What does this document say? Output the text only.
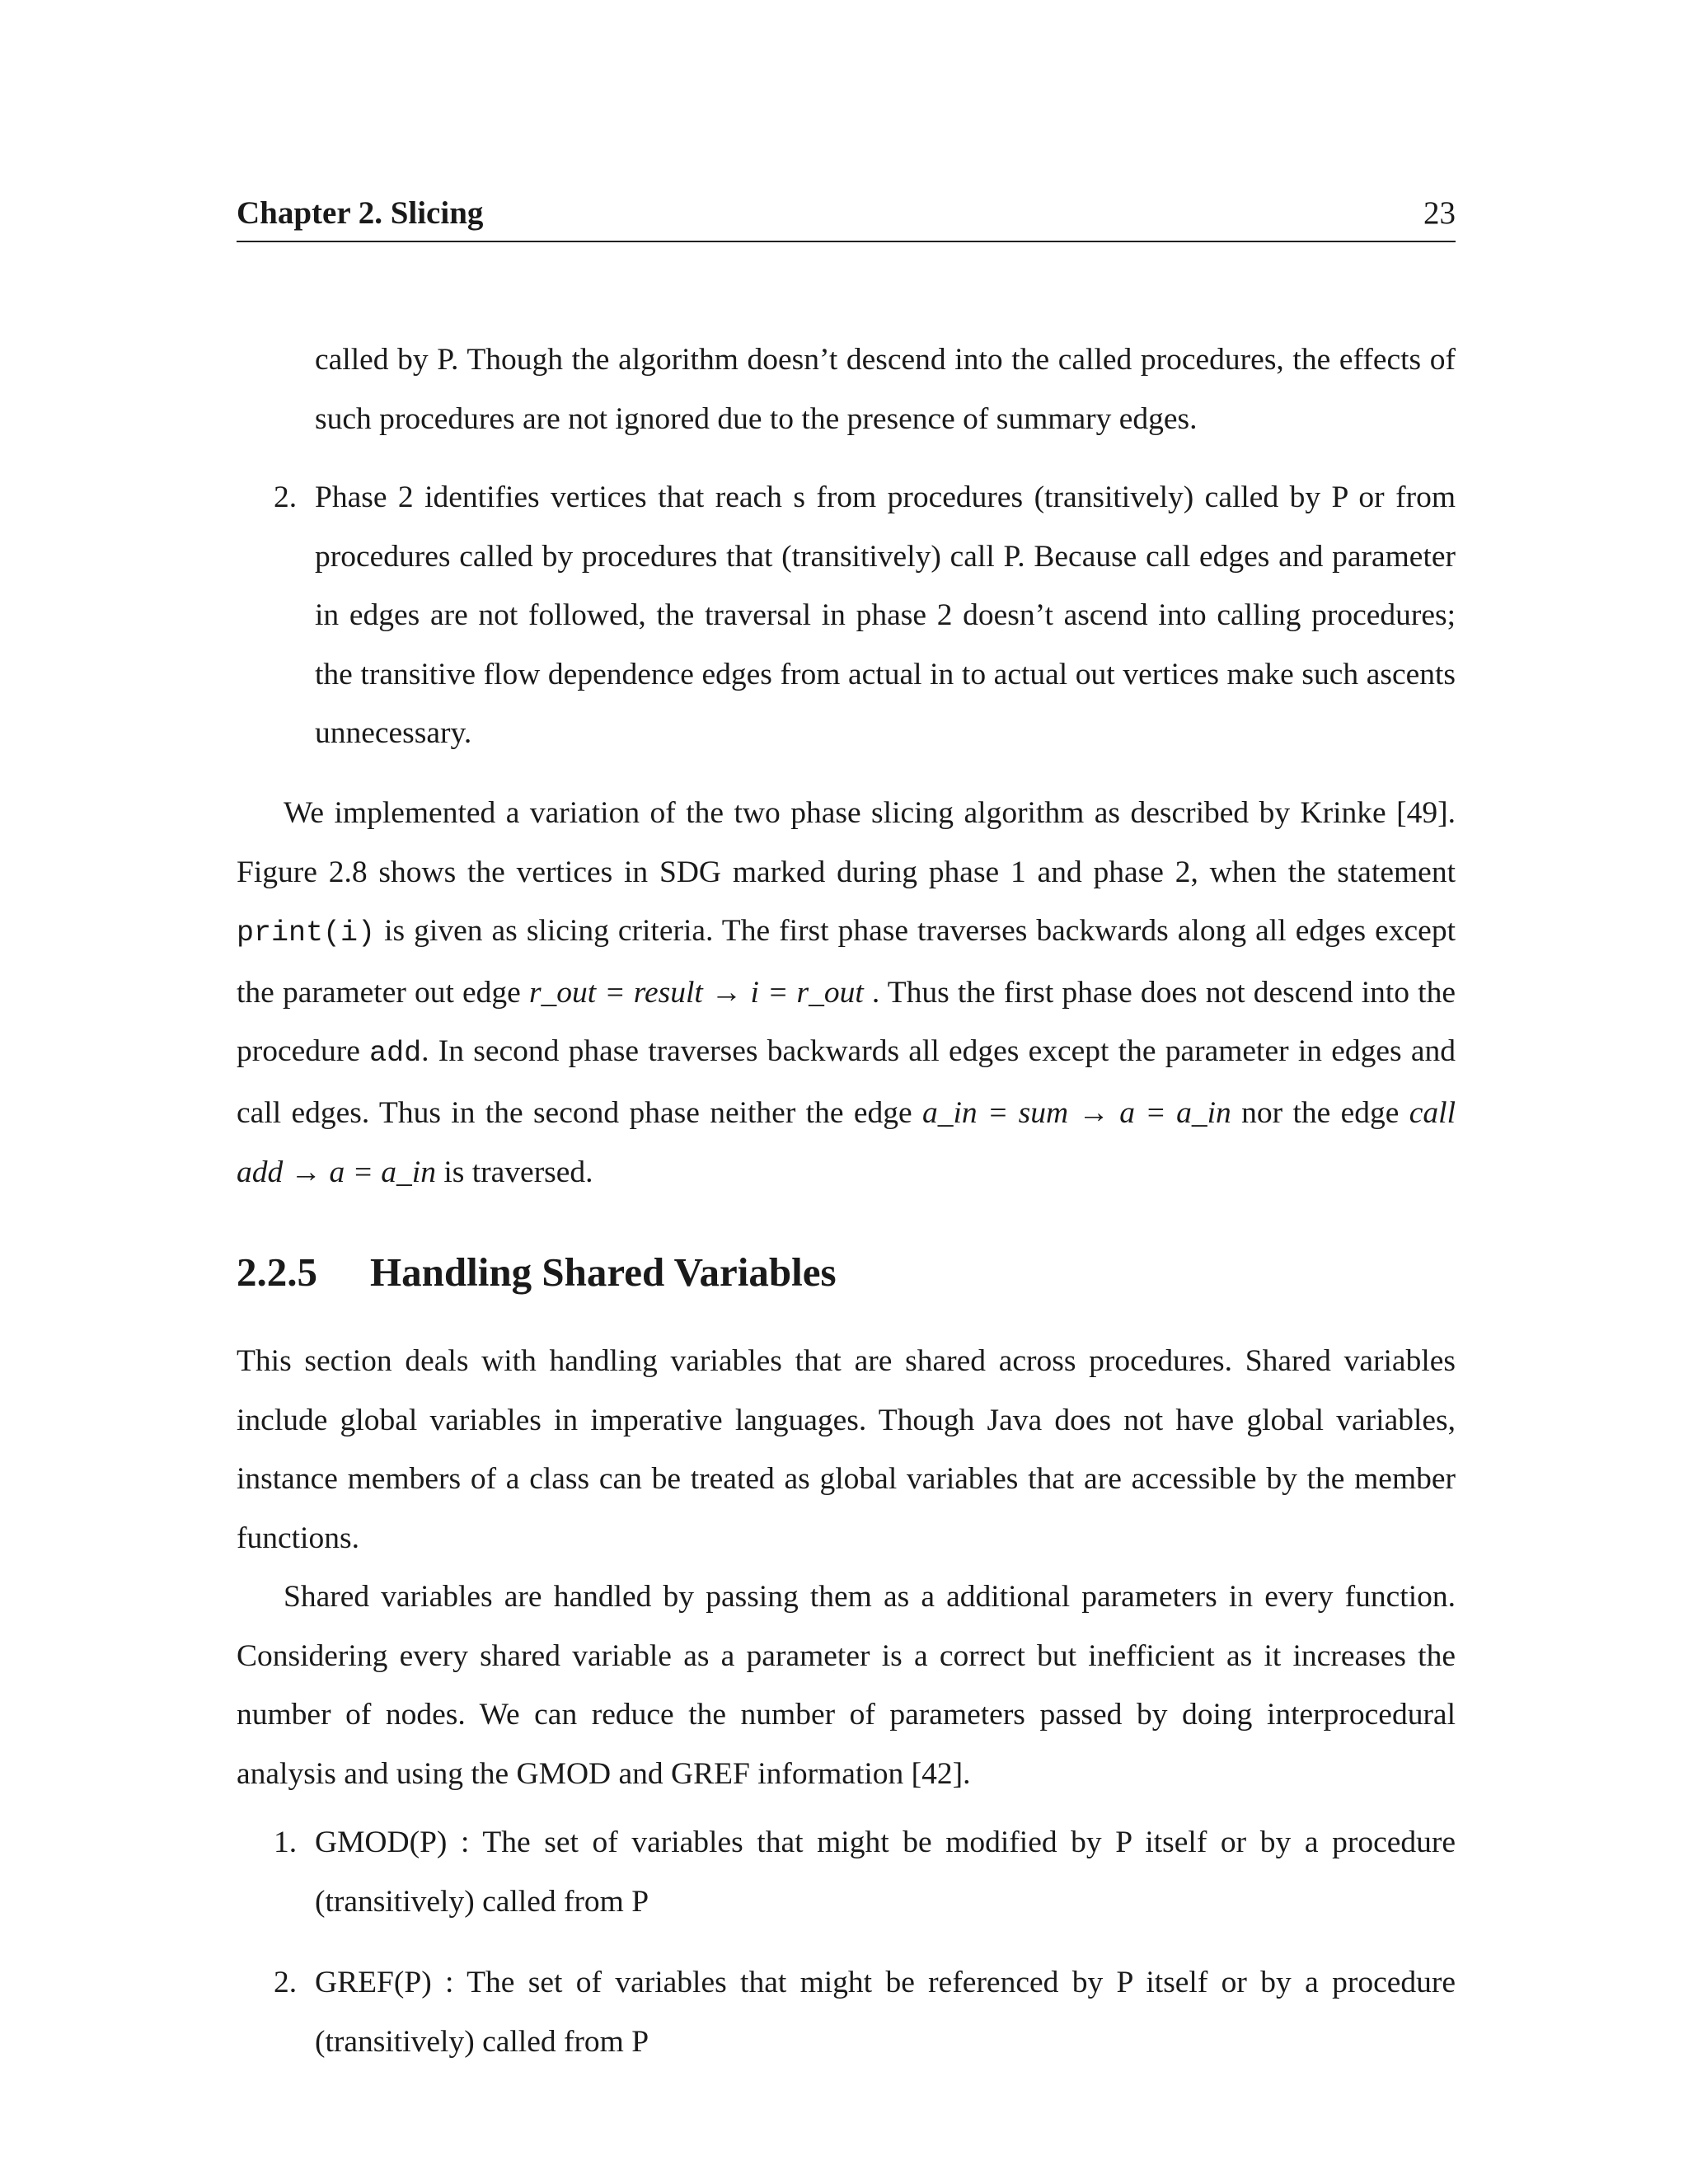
Chapter 2. Slicing	23

called by P. Though the algorithm doesn’t descend into the called procedures, the effects of such procedures are not ignored due to the presence of summary edges.

2. Phase 2 identifies vertices that reach s from procedures (transitively) called by P or from procedures called by procedures that (transitively) call P. Because call edges and parameter in edges are not followed, the traversal in phase 2 doesn’t ascend into calling procedures; the transitive flow dependence edges from actual in to actual out vertices make such ascents unnecessary.

We implemented a variation of the two phase slicing algorithm as described by Krinke [49]. Figure 2.8 shows the vertices in SDG marked during phase 1 and phase 2, when the statement print(i) is given as slicing criteria. The first phase traverses backwards along all edges except the parameter out edge r_out = result → i = r_out . Thus the first phase does not descend into the procedure add. In second phase traverses backwards all edges except the parameter in edges and call edges. Thus in the second phase neither the edge a_in = sum → a = a_in nor the edge call add → a = a_in is traversed.

2.2.5 Handling Shared Variables

This section deals with handling variables that are shared across procedures. Shared variables include global variables in imperative languages. Though Java does not have global variables, instance members of a class can be treated as global variables that are accessible by the member functions.

Shared variables are handled by passing them as a additional parameters in every function. Considering every shared variable as a parameter is a correct but inefficient as it increases the number of nodes. We can reduce the number of parameters passed by doing interprocedural analysis and using the GMOD and GREF information [42].

1. GMOD(P) : The set of variables that might be modified by P itself or by a procedure (transitively) called from P

2. GREF(P) : The set of variables that might be referenced by P itself or by a procedure (transitively) called from P
